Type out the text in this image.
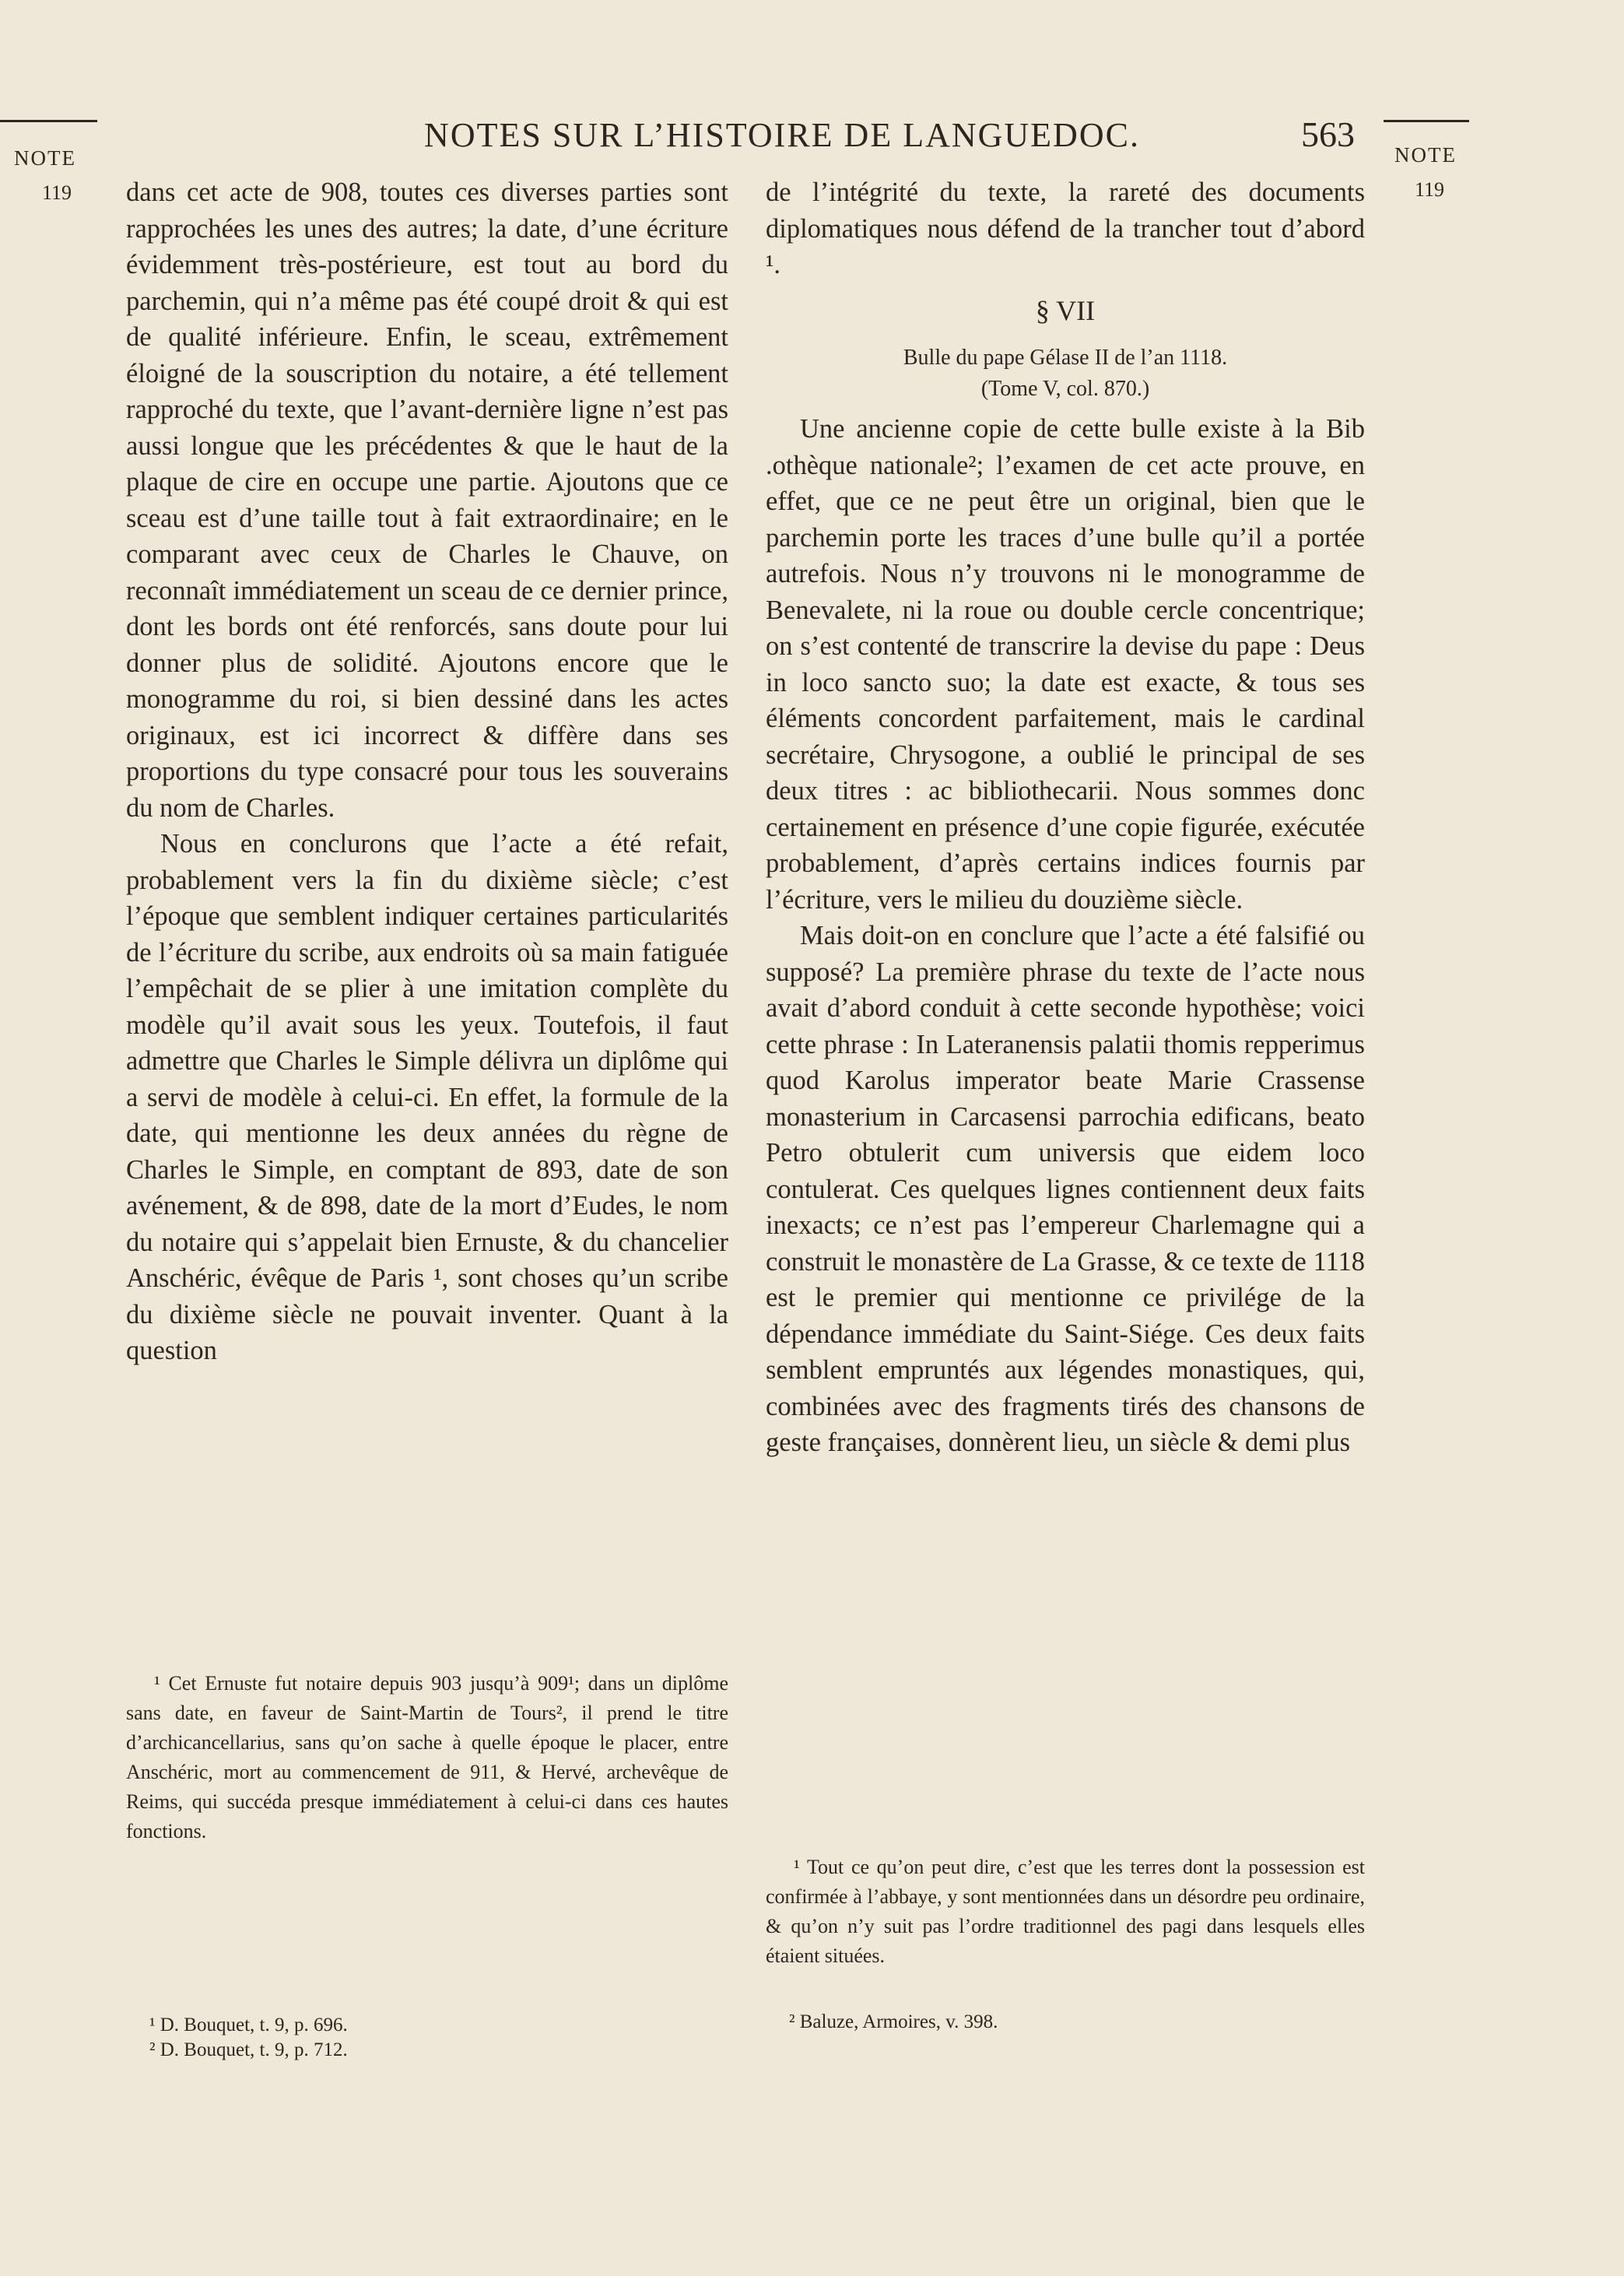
NOTE
119
NOTE
119
NOTES SUR L’HISTOIRE DE LANGUEDOC.	563

dans cet acte de 908, toutes ces diverses parties sont rapprochées les unes des autres; la date, d’une écriture évidemment très-postérieure, est tout au bord du parchemin, qui n’a même pas été coupé droit & qui est de qualité inférieure. Enfin, le sceau, extrêmement éloigné de la souscription du notaire, a été tellement rapproché du texte, que l’avant-dernière ligne n’est pas aussi longue que les précédentes & que le haut de la plaque de cire en occupe une partie. Ajoutons que ce sceau est d’une taille tout à fait extraordinaire; en le comparant avec ceux de Charles le Chauve, on reconnaît immédiatement un sceau de ce dernier prince, dont les bords ont été renforcés, sans doute pour lui donner plus de solidité. Ajoutons encore que le monogramme du roi, si bien dessiné dans les actes originaux, est ici incorrect & diffère dans ses proportions du type consacré pour tous les souverains du nom de Charles.

Nous en conclurons que l’acte a été refait, probablement vers la fin du dixième siècle; c’est l’époque que semblent indiquer certaines particularités de l’écriture du scribe, aux endroits où sa main fatiguée l’empêchait de se plier à une imitation complète du modèle qu’il avait sous les yeux. Toutefois, il faut admettre que Charles le Simple délivra un diplôme qui a servi de modèle à celui-ci. En effet, la formule de la date, qui mentionne les deux années du règne de Charles le Simple, en comptant de 893, date de son avénement, & de 898, date de la mort d’Eudes, le nom du notaire qui s’appelait bien Ernuste, & du chancelier Anschéric, évêque de Paris ¹, sont choses qu’un scribe du dixième siècle ne pouvait inventer. Quant à la question

¹ Cet Ernuste fut notaire depuis 903 jusqu’à 909¹; dans un diplôme sans date, en faveur de Saint-Martin de Tours², il prend le titre d’archicancellarius, sans qu’on sache à quelle époque le placer, entre Anschéric, mort au commencement de 911, & Hervé, archevêque de Reims, qui succéda presque immédiatement à celui-ci dans ces hautes fonctions.

¹ D. Bouquet, t. 9, p. 696.
² D. Bouquet, t. 9, p. 712.

de l’intégrité du texte, la rareté des documents diplomatiques nous défend de la trancher tout d’abord ¹.

§ VII
Bulle du pape Gélase II de l’an 1118.
(Tome V, col. 870.)

Une ancienne copie de cette bulle existe à la Bib .othèque nationale²; l’examen de cet acte prouve, en effet, que ce ne peut être un original, bien que le parchemin porte les traces d’une bulle qu’il a portée autrefois. Nous n’y trouvons ni le monogramme de Benevalete, ni la roue ou double cercle concentrique; on s’est contenté de transcrire la devise du pape : Deus in loco sancto suo; la date est exacte, & tous ses éléments concordent parfaitement, mais le cardinal secrétaire, Chrysogone, a oublié le principal de ses deux titres : ac bibliothecarii. Nous sommes donc certainement en présence d’une copie figurée, exécutée probablement, d’après certains indices fournis par l’écriture, vers le milieu du douzième siècle.

Mais doit-on en conclure que l’acte a été falsifié ou supposé? La première phrase du texte de l’acte nous avait d’abord conduit à cette seconde hypothèse; voici cette phrase : In Lateranensis palatii thomis repperimus quod Karolus imperator beate Marie Crassense monasterium in Carcasensi parrochia edificans, beato Petro obtulerit cum universis que eidem loco contulerat. Ces quelques lignes contiennent deux faits inexacts; ce n’est pas l’empereur Charlemagne qui a construit le monastère de La Grasse, & ce texte de 1118 est le premier qui mentionne ce privilége de la dépendance immédiate du Saint-Siége. Ces deux faits semblent empruntés aux légendes monastiques, qui, combinées avec des fragments tirés des chansons de geste françaises, donnèrent lieu, un siècle & demi plus

¹ Tout ce qu’on peut dire, c’est que les terres dont la possession est confirmée à l’abbaye, y sont mentionnées dans un désordre peu ordinaire, & qu’on n’y suit pas l’ordre traditionnel des pagi dans lesquels elles étaient situées.

² Baluze, Armoires, v. 398.
